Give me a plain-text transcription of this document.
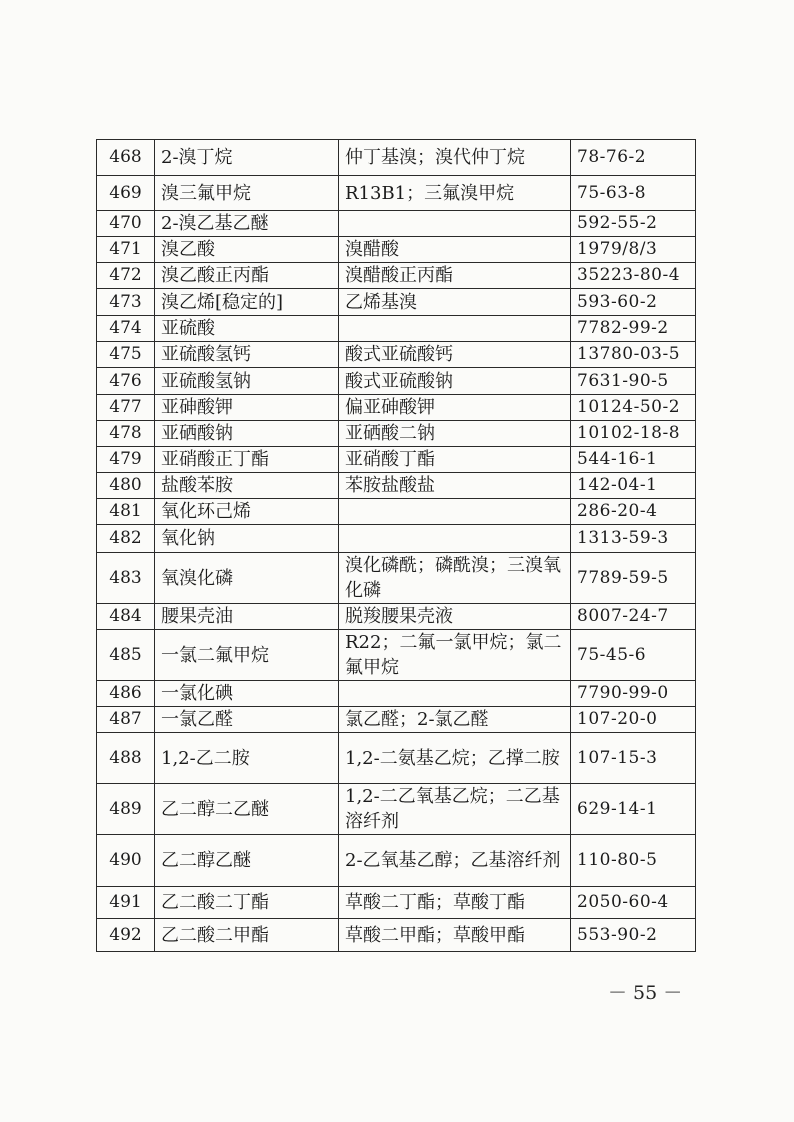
468	2-溴丁烷	仲丁基溴；溴代仲丁烷	78-76-2
469	溴三氟甲烷	R13B1；三氟溴甲烷	75-63-8
470	2-溴乙基乙醚		592-55-2
471	溴乙酸	溴醋酸	1979/8/3
472	溴乙酸正丙酯	溴醋酸正丙酯	35223-80-4
473	溴乙烯[稳定的]	乙烯基溴	593-60-2
474	亚硫酸		7782-99-2
475	亚硫酸氢钙	酸式亚硫酸钙	13780-03-5
476	亚硫酸氢钠	酸式亚硫酸钠	7631-90-5
477	亚砷酸钾	偏亚砷酸钾	10124-50-2
478	亚硒酸钠	亚硒酸二钠	10102-18-8
479	亚硝酸正丁酯	亚硝酸丁酯	544-16-1
480	盐酸苯胺	苯胺盐酸盐	142-04-1
481	氧化环己烯		286-20-4
482	氧化钠		1313-59-3
483	氧溴化磷	溴化磷酰；磷酰溴；三溴氧化磷	7789-59-5
484	腰果壳油	脱羧腰果壳液	8007-24-7
485	一氯二氟甲烷	R22；二氟一氯甲烷；氯二氟甲烷	75-45-6
486	一氯化碘		7790-99-0
487	一氯乙醛	氯乙醛；2-氯乙醛	107-20-0
488	1,2-乙二胺	1,2-二氨基乙烷；乙撑二胺	107-15-3
489	乙二醇二乙醚	1,2-二乙氧基乙烷；二乙基溶纤剂	629-14-1
490	乙二醇乙醚	2-乙氧基乙醇；乙基溶纤剂	110-80-5
491	乙二酸二丁酯	草酸二丁酯；草酸丁酯	2050-60-4
492	乙二酸二甲酯	草酸二甲酯；草酸甲酯	553-90-2
－ 55 －
